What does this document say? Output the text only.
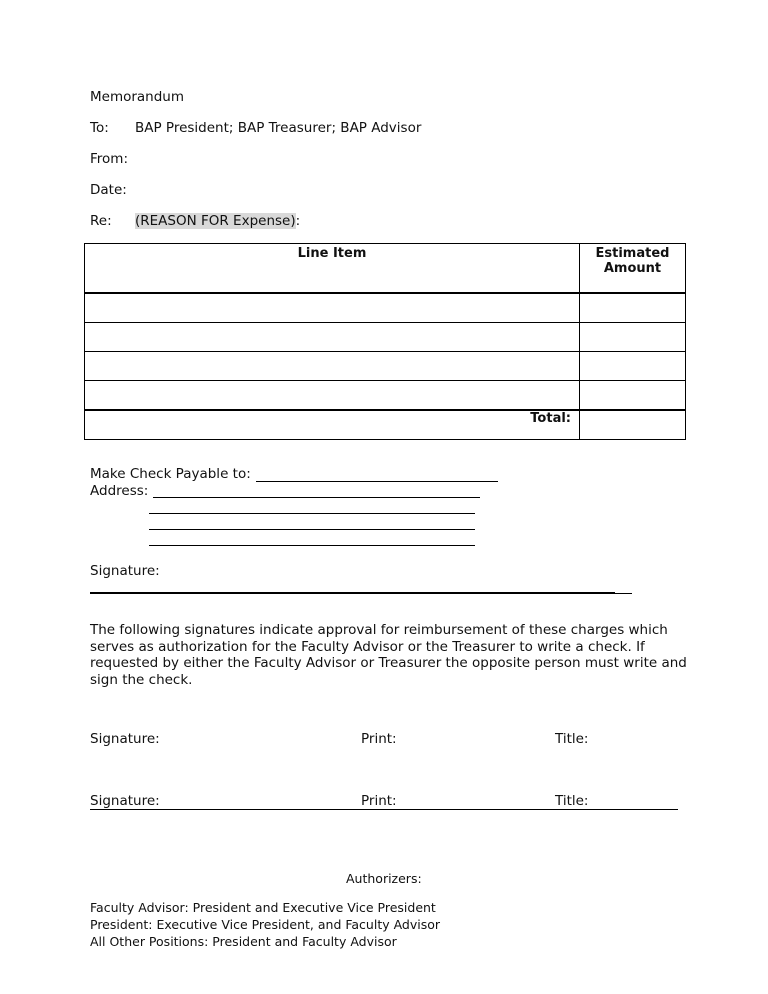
Memorandum
To: BAP President; BAP Treasurer; BAP Advisor
From:
Date:
Re: (REASON FOR Expense):
Line Item	Estimated
Amount

Total:	
Make Check Payable to:
Address:
Signature:
The following signatures indicate approval for reimbursement of these charges which serves as authorization for the Faculty Advisor or the Treasurer to write a check. If requested by either the Faculty Advisor or Treasurer the opposite person must write and sign the check.
Signature:	Print:	Title:
Signature:	Print:	Title:
Authorizers:
Faculty Advisor: President and Executive Vice President
President: Executive Vice President, and Faculty Advisor
All Other Positions: President and Faculty Advisor
